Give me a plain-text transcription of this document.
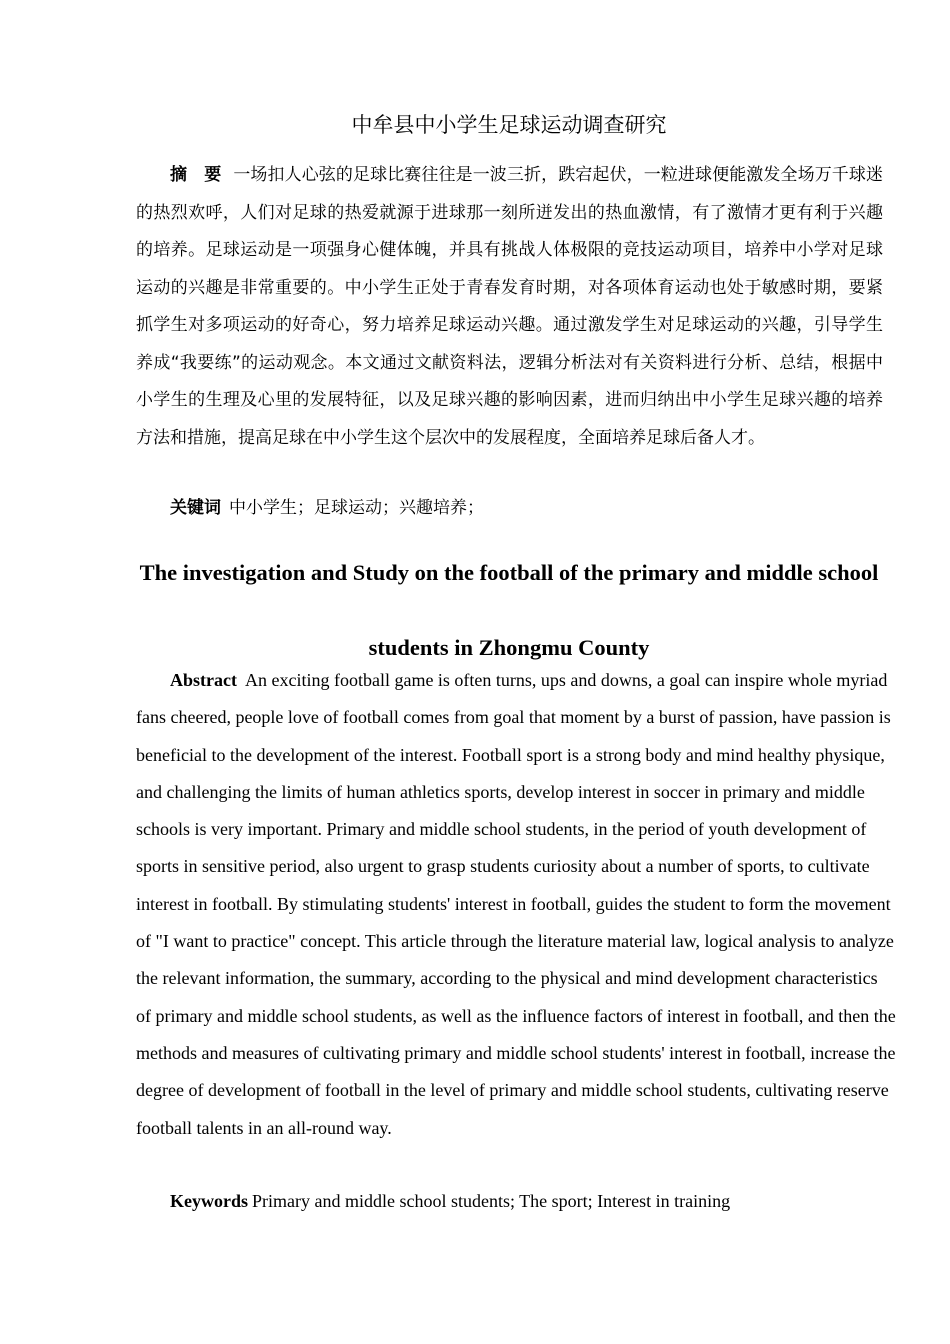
中牟县中小学生足球运动调查研究
摘　要 一场扣人心弦的足球比赛往往是一波三折，跌宕起伏，一粒进球便能激发全场万千球迷的热烈欢呼，人们对足球的热爱就源于进球那一刻所迸发出的热血激情，有了激情才更有利于兴趣的培养。足球运动是一项强身心健体魄，并具有挑战人体极限的竞技运动项目，培养中小学对足球运动的兴趣是非常重要的。中小学生正处于青春发育时期，对各项体育运动也处于敏感时期，要紧抓学生对多项运动的好奇心，努力培养足球运动兴趣。通过激发学生对足球运动的兴趣，引导学生养成“我要练”的运动观念。本文通过文献资料法，逻辑分析法对有关资料进行分析、总结，根据中小学生的生理及心里的发展特征，以及足球兴趣的影响因素，进而归纳出中小学生足球兴趣的培养方法和措施，提高足球在中小学生这个层次中的发展程度，全面培养足球后备人才。
关键词 中小学生；足球运动；兴趣培养；
The investigation and Study on the football of the primary and middle school students in Zhongmu County
Abstract An exciting football game is often turns, ups and downs, a goal can inspire whole myriad fans cheered, people love of football comes from goal that moment by a burst of passion, have passion is beneficial to the development of the interest. Football sport is a strong body and mind healthy physique, and challenging the limits of human athletics sports, develop interest in soccer in primary and middle schools is very important. Primary and middle school students, in the period of youth development of sports in sensitive period, also urgent to grasp students curiosity about a number of sports, to cultivate interest in football. By stimulating students' interest in football, guides the student to form the movement of "I want to practice" concept. This article through the literature material law, logical analysis to analyze the relevant information, the summary, according to the physical and mind development characteristics of primary and middle school students, as well as the influence factors of interest in football, and then the methods and measures of cultivating primary and middle school students' interest in football, increase the degree of development of football in the level of primary and middle school students, cultivating reserve football talents in an all-round way.
Keywords Primary and middle school students; The sport; Interest in training
